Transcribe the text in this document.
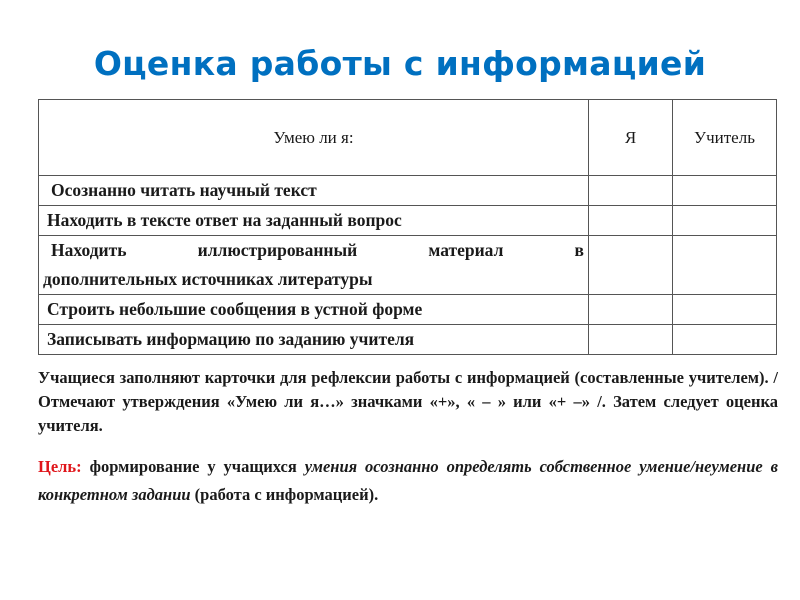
Оценка работы с информацией
Умею ли я:	Я	Учитель
Осознанно читать научный текст		
Находить в тексте ответ на заданный вопрос		

Находить иллюстрированный материал в
дополнительных источниках литературы		
Строить небольшие сообщения в устной форме		
Записывать информацию по заданию учителя		
Учащиеся заполняют карточки для рефлексии работы с информацией (составленные учителем). /Отмечают утверждения «Умею ли я…» значками «+», « – » или «+ –» /. Затем следует оценка учителя.
Цель: формирование у учащихся умения осознанно определять собственное умение/неумение в конкретном задании (работа с информацией).
